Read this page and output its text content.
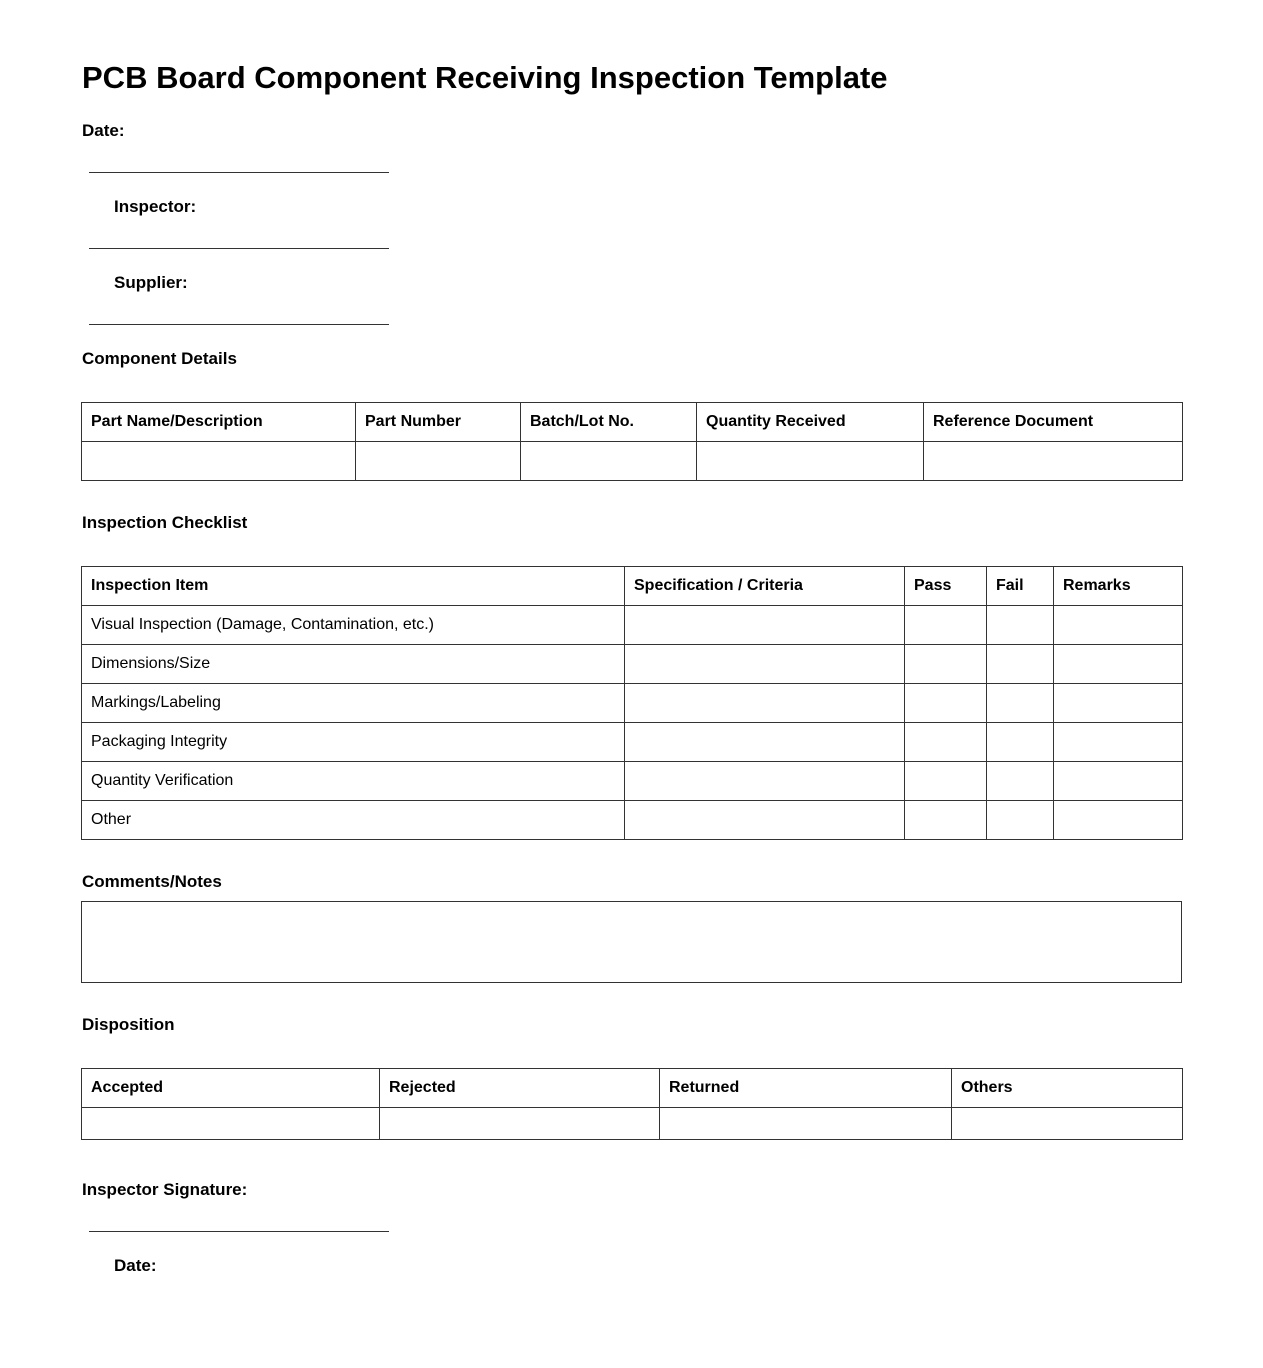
PCB Board Component Receiving Inspection Template
Date:
Inspector:
Supplier:
Component Details
Part Name/Description	Part Number	Batch/Lot No.	Quantity Received	Reference Document

Inspection Checklist
Inspection Item	Specification / Criteria	Pass	Fail	Remarks
Visual Inspection (Damage, Contamination, etc.)				
Dimensions/Size				
Markings/Labeling				
Packaging Integrity				
Quantity Verification				
Other				
Comments/Notes
Disposition
Accepted	Rejected	Returned	Others

Inspector Signature:
Date:
